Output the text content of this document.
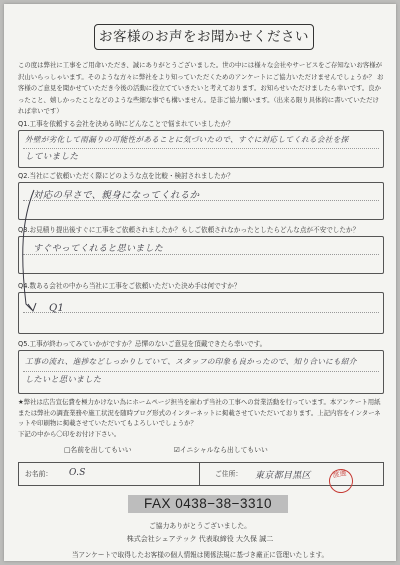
お客様のお声をお聞かせください
この度は弊社に工事をご用命いただき、誠にありがとうございました。世の中には様々な会社やサービスをご存知ないお客様が沢山いらっしゃいます。そのような方々に弊社をより知っていただくためのアンケートにご協力いただけませんでしょうか？ お客様のご意見を聞かせていただき今後の活動に役立てていきたいと考えております。お知らせいただけましたら幸いです。良かったこと、嬉しかったことなどのような些細な事でも構いません。是非ご協力願います。（出来る限り具体的に書いていただければ幸いです）
Q1.工事を依頼する会社を決める時にどんなことで悩まれていましたか？
外壁が劣化して雨漏りの可能性があることに気づいたので、すぐに対応してくれる会社を探
していました
Q2.当社にご依頼いただく際にどのような点を比較・検討されましたか？
対応の早さで、親身になってくれるか
Q3.お見積り提出後すぐに工事をご依頼されましたか？もしご依頼されなかったとしたらどんな点が不安でしたか？
すぐやってくれると思いました
Q4.数ある会社の中から当社に工事をご依頼いただいた決め手は何ですか？
Q1
Q5.工事が終わってみていかがですか？忌憚のないご意見を頂戴できたら幸いです。
工事の流れ、進捗などしっかりしていて、スタッフの印象も良かったので、知り合いにも紹介
したいと思いました
★弊社は広告宣伝費を極力かけない為にホームページ担当を雇わず当社の工事への営業活動を行っています。本アンケート用紙または弊社の調査業務や施工状況を随時ブログ形式のインターネットに掲載させていただいております。上記内容をインターネットや印刷物に掲載させていただいてもよろしいでしょうか？
下記の中から〇印をお付け下さい。
□名前を出してもいい	☑イニシャルなら出してもいい
お名前： O.S	ご住所： 東京都目黒区	渡邊
FAX 0438−38−3310
ご協力ありがとうございました。
株式会社シェアテック 代表取締役 大久保 誠二
当アンケートで取得したお客様の個人情報は関係法規に基づき厳正に管理いたします。
